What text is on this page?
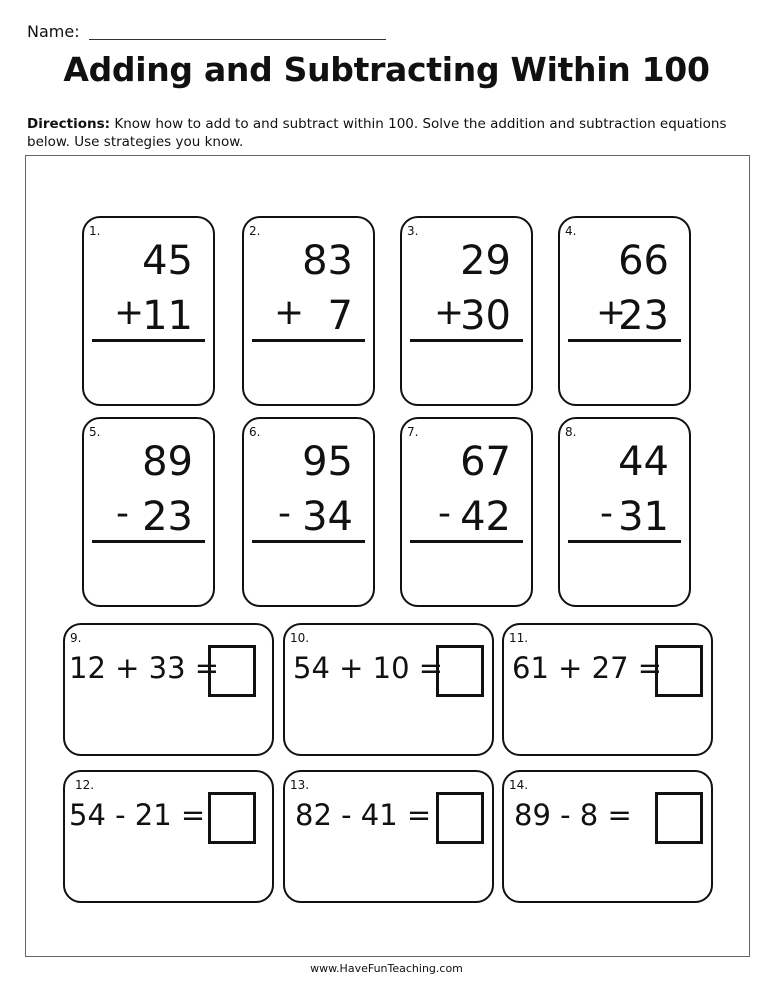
Name:
Adding and Subtracting Within 100
Directions: Know how to add to and subtract within 100. Solve the addition and subtraction equations below. Use strategies you know.
1.
45
+
11
2.
83
+ 7
3.
29
+
30
4.
66
+
23
5.
89
- 23
6.
95
- 34
7.
67
- 42
8.
44
- 31
9.
12 + 33 =
10.
54 + 10 =
11.
61 + 27 =
12.
54 - 21 =
13.
82 - 41 =
14.
89 - 8 =
www.HaveFunTeaching.com
